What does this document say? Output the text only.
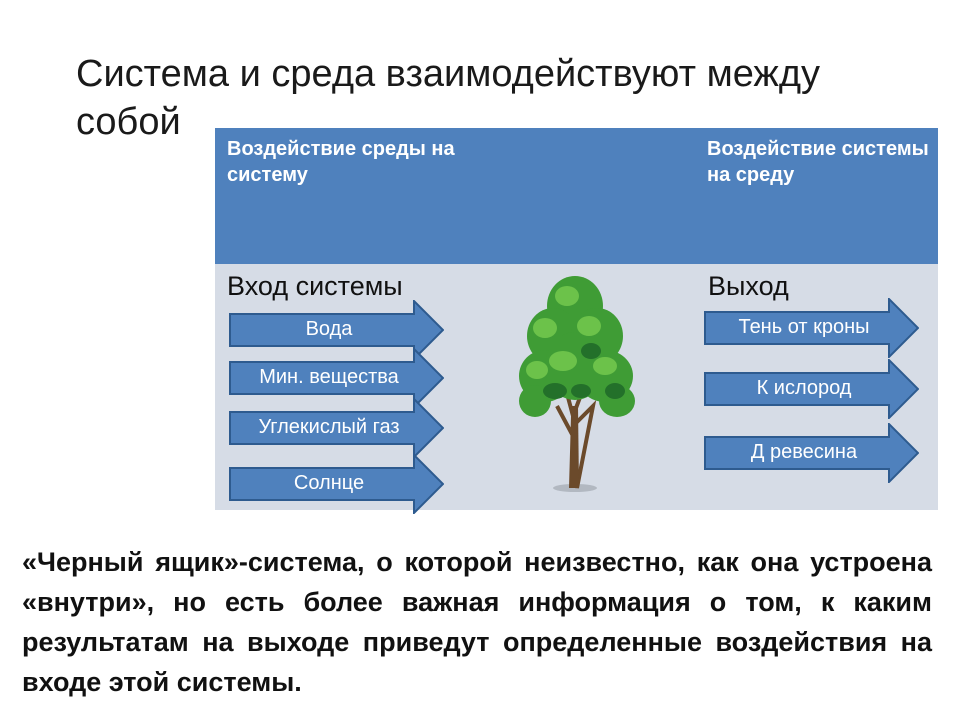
Система и среда взаимодействуют между собой
Воздействие среды на систему
Воздействие системы на среду
Вход системы	Выход
Вода
Мин. вещества
Углекислый газ
Солнце
Тень от кроны
К ислород
Д ревесина
«Черный ящик»-система, о которой неизвестно, как она устроена «внутри», но есть более важная информация о том, к каким результатам на выходе приведут определенные воздействия на входе этой системы.
